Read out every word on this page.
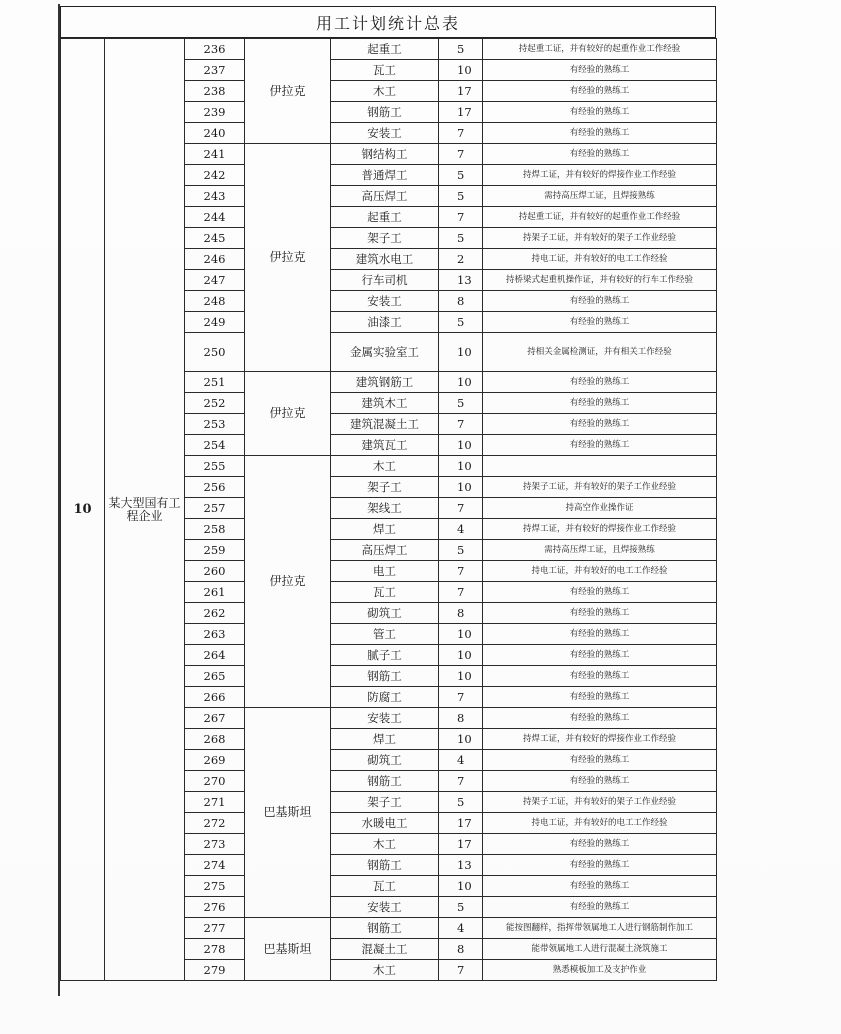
用工计划统计总表
10	某大型国有工程企业	236	伊拉克	起重工	5	持起重工证，并有较好的起重作业工作经验
		237		瓦工	10	有经验的熟练工
		238		木工	17	有经验的熟练工
		239		钢筋工	17	有经验的熟练工
		240		安装工	7	有经验的熟练工
		241	伊拉克	钢结构工	7	有经验的熟练工
		242		普通焊工	5	持焊工证，并有较好的焊接作业工作经验
		243		高压焊工	5	需持高压焊工证，且焊接熟练
		244		起重工	7	持起重工证，并有较好的起重作业工作经验
		245		架子工	5	持架子工证，并有较好的架子工作业经验
		246		建筑水电工	2	持电工证，并有较好的电工工作经验
		247		行车司机	13	持桥梁式起重机操作证，并有较好的行车工作经验
		248		安装工	8	有经验的熟练工
		249		油漆工	5	有经验的熟练工
		250		金属实验室工	10	持相关金属检测证，并有相关工作经验
		251	伊拉克	建筑钢筋工	10	有经验的熟练工
		252		建筑木工	5	有经验的熟练工
		253		建筑混凝土工	7	有经验的熟练工
		254		建筑瓦工	10	有经验的熟练工
		255	伊拉克	木工	10	
		256		架子工	10	持架子工证，并有较好的架子工作业经验
		257		架线工	7	持高空作业操作证
		258		焊工	4	持焊工证，并有较好的焊接作业工作经验
		259		高压焊工	5	需持高压焊工证，且焊接熟练
		260		电工	7	持电工证，并有较好的电工工作经验
		261		瓦工	7	有经验的熟练工
		262		砌筑工	8	有经验的熟练工
		263		管工	10	有经验的熟练工
		264		腻子工	10	有经验的熟练工
		265		钢筋工	10	有经验的熟练工
		266		防腐工	7	有经验的熟练工
		267	巴基斯坦	安装工	8	有经验的熟练工
		268		焊工	10	持焊工证，并有较好的焊接作业工作经验
		269		砌筑工	4	有经验的熟练工
		270		钢筋工	7	有经验的熟练工
		271		架子工	5	持架子工证，并有较好的架子工作业经验
		272		水暖电工	17	持电工证，并有较好的电工工作经验
		273		木工	17	有经验的熟练工
		274		钢筋工	13	有经验的熟练工
		275		瓦工	10	有经验的熟练工
		276		安装工	5	有经验的熟练工
		277	巴基斯坦	钢筋工	4	能按图翻样，指挥带领属地工人进行钢筋制作加工
		278		混凝土工	8	能带领属地工人进行混凝土浇筑施工
		279		木工	7	熟悉模板加工及支护作业
